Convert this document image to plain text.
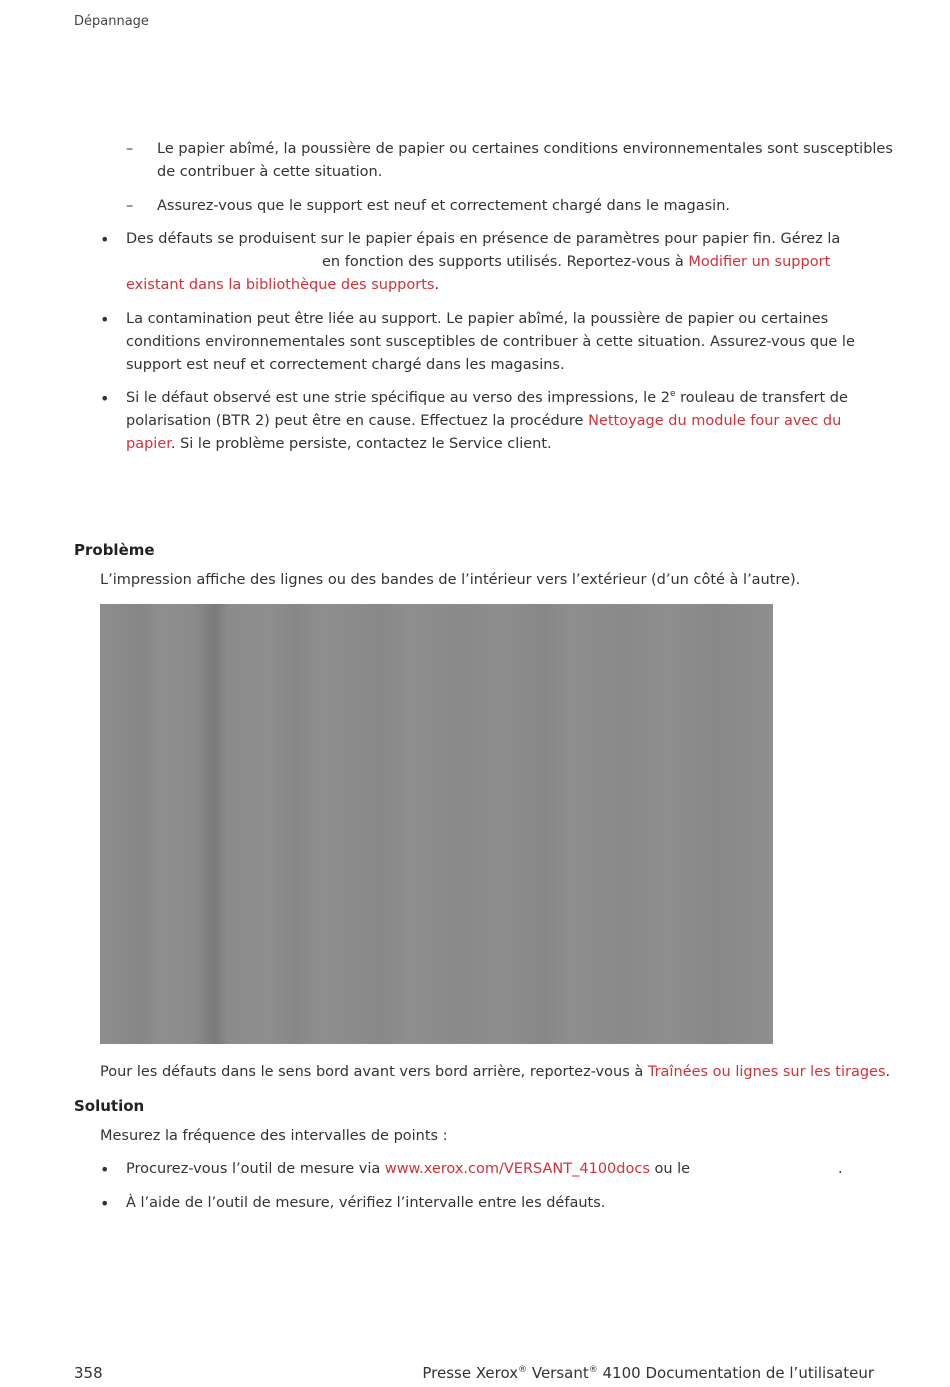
Dépannage
– Le papier abîmé, la poussière de papier ou certaines conditions environnementales sont susceptibles
de contribuer à cette situation.
– Assurez-vous que le support est neuf et correctement chargé dans le magasin.
• Des défauts se produisent sur le papier épais en présence de paramètres pour papier fin. Gérez la
en fonction des supports utilisés. Reportez-vous à Modifier un support
existant dans la bibliothèque des supports.
• La contamination peut être liée au support. Le papier abîmé, la poussière de papier ou certaines
conditions environnementales sont susceptibles de contribuer à cette situation. Assurez-vous que le
support est neuf et correctement chargé dans les magasins.
• Si le défaut observé est une strie spécifique au verso des impressions, le 2e rouleau de transfert de
polarisation (BTR 2) peut être en cause. Effectuez la procédure Nettoyage du module four avec du
papier. Si le problème persiste, contactez le Service client.
Problème
L’impression affiche des lignes ou des bandes de l’intérieur vers l’extérieur (d’un côté à l’autre).
Pour les défauts dans le sens bord avant vers bord arrière, reportez-vous à Traînées ou lignes sur les tirages.
Solution
Mesurez la fréquence des intervalles de points :
• Procurez-vous l’outil de mesure via www.xerox.com/VERSANT_4100docs ou le	.
• À l’aide de l’outil de mesure, vérifiez l’intervalle entre les défauts.
358	Presse Xerox® Versant® 4100 Documentation de l’utilisateur
